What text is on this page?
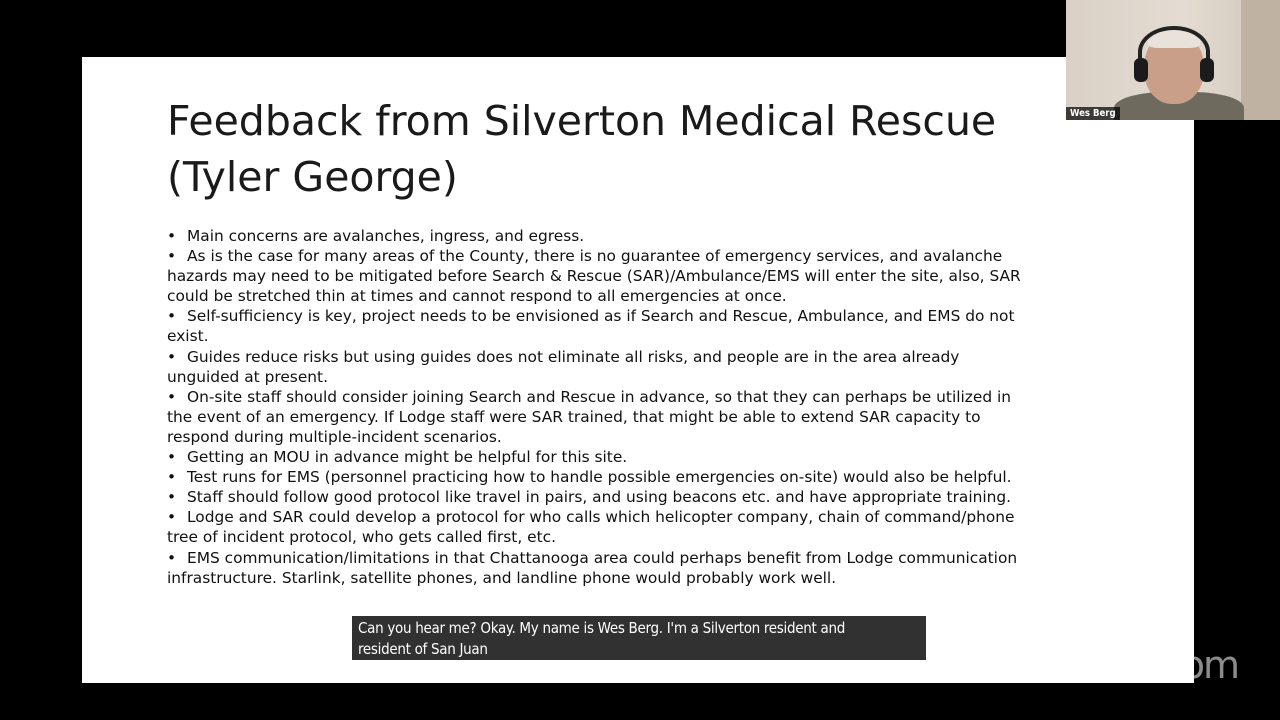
Feedback from Silverton Medical Rescue
(Tyler George)
• Main concerns are avalanches, ingress, and egress.
• As is the case for many areas of the County, there is no guarantee of emergency services, and avalanche
hazards may need to be mitigated before Search & Rescue (SAR)/Ambulance/EMS will enter the site, also, SAR
could be stretched thin at times and cannot respond to all emergencies at once.
• Self-sufficiency is key, project needs to be envisioned as if Search and Rescue, Ambulance, and EMS do not
exist.
• Guides reduce risks but using guides does not eliminate all risks, and people are in the area already
unguided at present.
• On-site staff should consider joining Search and Rescue in advance, so that they can perhaps be utilized in
the event of an emergency. If Lodge staff were SAR trained, that might be able to extend SAR capacity to
respond during multiple-incident scenarios.
• Getting an MOU in advance might be helpful for this site.
• Test runs for EMS (personnel practicing how to handle possible emergencies on-site) would also be helpful.
• Staff should follow good protocol like travel in pairs, and using beacons etc. and have appropriate training.
• Lodge and SAR could develop a protocol for who calls which helicopter company, chain of command/phone
tree of incident protocol, who gets called first, etc.
• EMS communication/limitations in that Chattanooga area could perhaps benefit from Lodge communication
infrastructure. Starlink, satellite phones, and landline phone would probably work well.
Can you hear me? Okay. My name is Wes Berg. I'm a Silverton resident and
resident of San Juan	zoom
Wes Berg
